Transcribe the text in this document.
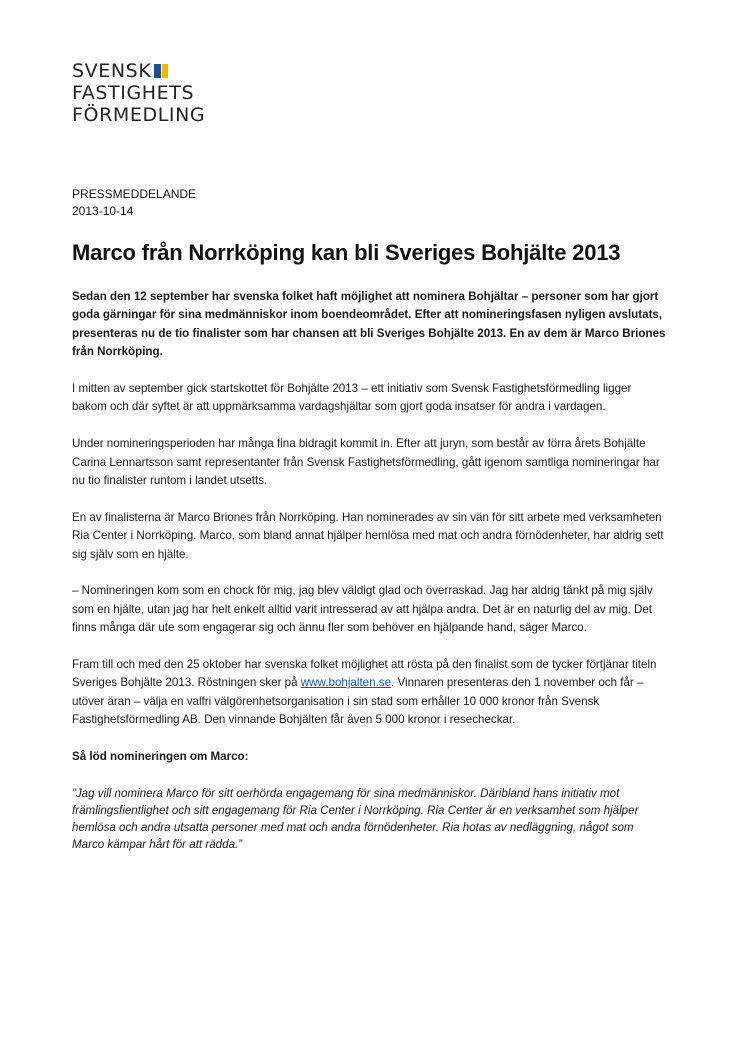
SVENSK
FASTIGHETS
FÖRMEDLING
PRESSMEDDELANDE
2013-10-14
Marco från Norrköping kan bli Sveriges Bohjälte 2013

Sedan den 12 september har svenska folket haft möjlighet att nominera Bohjältar – personer som har gjort goda gärningar för sina medmänniskor inom boendeområdet. Efter att nomineringsfasen nyligen avslutats, presenteras nu de tio finalister som har chansen att bli Sveriges Bohjälte 2013. En av dem är Marco Briones från Norrköping.

I mitten av september gick startskottet för Bohjälte 2013 – ett initiativ som Svensk Fastighetsförmedling ligger bakom och där syftet är att uppmärksamma vardagshjältar som gjort goda insatser för andra i vardagen.

Under nomineringsperioden har många fina bidragit kommit in. Efter att juryn, som består av förra årets Bohjälte Carina Lennartsson samt representanter från Svensk Fastighetsförmedling, gått igenom samtliga nomineringar har nu tio finalister runtom i landet utsetts.

En av finalisterna är Marco Briones från Norrköping. Han nominerades av sin vän för sitt arbete med verksamheten Ria Center i Norrköping. Marco, som bland annat hjälper hemlösa med mat och andra förnödenheter, har aldrig sett sig själv som en hjälte.

– Nomineringen kom som en chock för mig, jag blev väldigt glad och överraskad. Jag har aldrig tänkt på mig själv som en hjälte, utan jag har helt enkelt alltid varit intresserad av att hjälpa andra. Det är en naturlig del av mig. Det finns många där ute som engagerar sig och ännu fler som behöver en hjälpande hand, säger Marco.

Fram till och med den 25 oktober har svenska folket möjlighet att rösta på den finalist som de tycker förtjänar titeln Sveriges Bohjälte 2013. Röstningen sker på www.bohjalten.se. Vinnaren presenteras den 1 november och får – utöver äran – välja en valfri välgörenhetsorganisation i sin stad som erhåller 10 000 kronor från Svensk Fastighetsförmedling AB. Den vinnande Bohjälten får även 5 000 kronor i resecheckar.

Så löd nomineringen om Marco:

”Jag vill nominera Marco för sitt oerhörda engagemang för sina medmänniskor. Däribland hans initiativ mot främlingsfientlighet och sitt engagemang för Ria Center i Norrköping. Ria Center är en verksamhet som hjälper hemlösa och andra utsatta personer med mat och andra förnödenheter. Ria hotas av nedläggning, något som Marco kämpar hårt för att rädda.”
